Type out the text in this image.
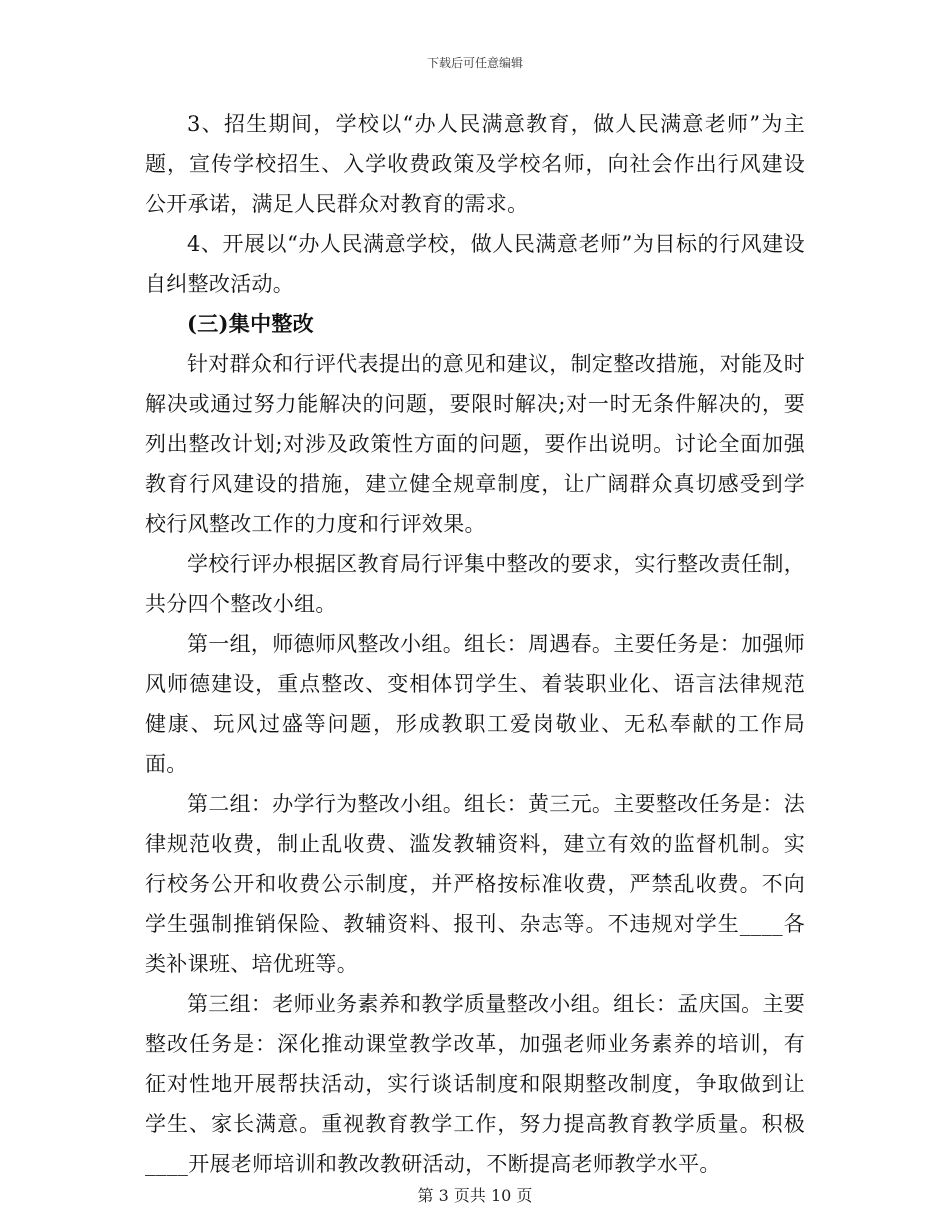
下载后可任意编辑

3、招生期间，学校以“办人民满意教育，做人民满意老师”为主题，宣传学校招生、入学收费政策及学校名师，向社会作出行风建设公开承诺，满足人民群众对教育的需求。

4、开展以“办人民满意学校，做人民满意老师”为目标的行风建设自纠整改活动。

(三)集中整改

针对群众和行评代表提出的意见和建议，制定整改措施，对能及时解决或通过努力能解决的问题，要限时解决;对一时无条件解决的，要列出整改计划;对涉及政策性方面的问题，要作出说明。讨论全面加强教育行风建设的措施，建立健全规章制度，让广阔群众真切感受到学校行风整改工作的力度和行评效果。

学校行评办根据区教育局行评集中整改的要求，实行整改责任制，共分四个整改小组。

第一组，师德师风整改小组。组长：周遇春。主要任务是：加强师风师德建设，重点整改、变相体罚学生、着装职业化、语言法律规范健康、玩风过盛等问题，形成教职工爱岗敬业、无私奉献的工作局面。

第二组：办学行为整改小组。组长：黄三元。主要整改任务是：法律规范收费，制止乱收费、滥发教辅资料，建立有效的监督机制。实行校务公开和收费公示制度，并严格按标准收费，严禁乱收费。不向学生强制推销保险、教辅资料、报刊、杂志等。不违规对学生____各类补课班、培优班等。

第三组：老师业务素养和教学质量整改小组。组长：孟庆国。主要整改任务是：深化推动课堂教学改革，加强老师业务素养的培训，有征对性地开展帮扶活动，实行谈话制度和限期整改制度，争取做到让学生、家长满意。重视教育教学工作，努力提高教育教学质量。积极____开展老师培训和教改教研活动，不断提高老师教学水平。

第 3 页共 10 页
